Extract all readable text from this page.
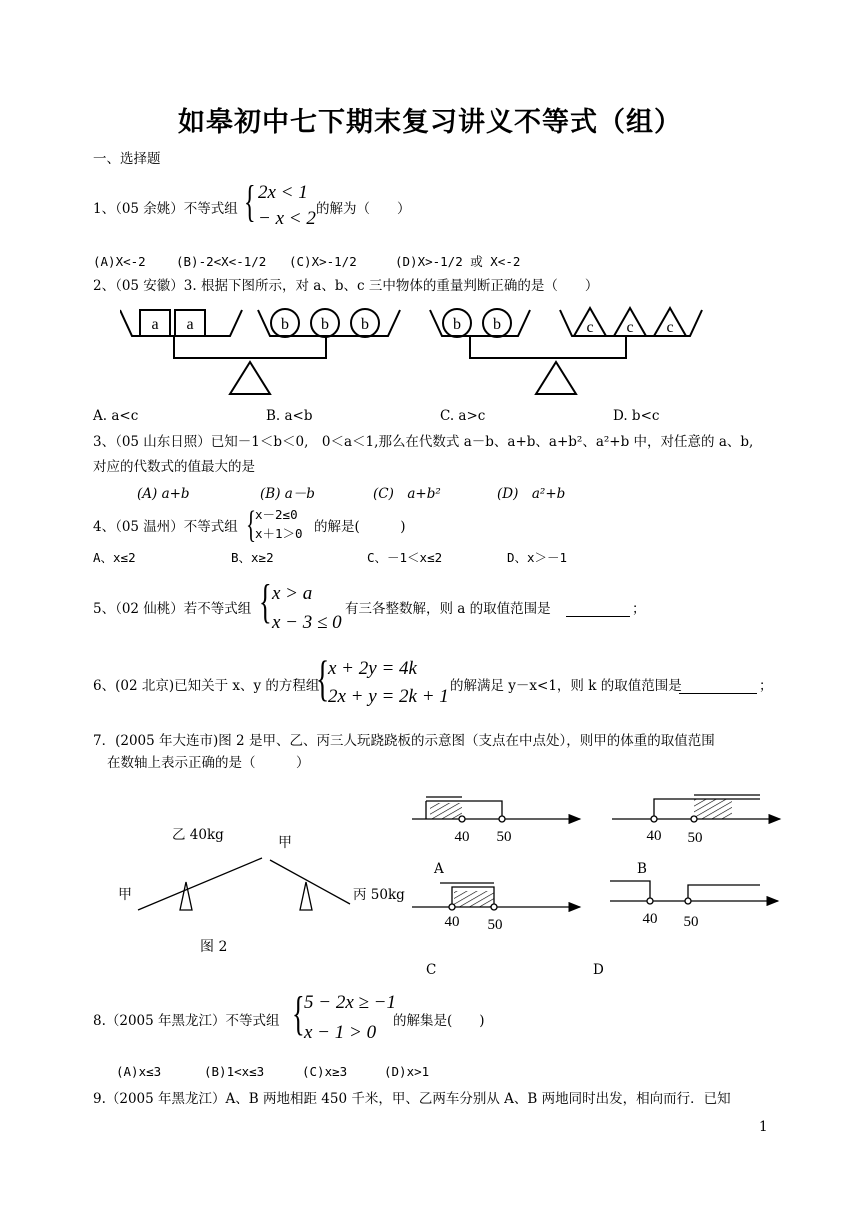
如皋初中七下期末复习讲义不等式（组）
一、选择题
1、（05 余姚）不等式组 { 2x < 1
− x < 2 的解为（　　）
(A)X<-2 (B)-2<X<-1/2 (C)X>-1/2	(D)X>-1/2 或 X<-2
2、（05 安徽）3. 根据下图所示，对 a、b、c 三中物体的重量判断正确的是（　　）
a a	b b b	b b	c c c
A. a<c	B. a<b	C. a>c	D. b<c
3、（05 山东日照）已知－1＜b＜0,　0＜a＜1,那么在代数式 a－b、a+b、a+b²、a²+b 中，对任意的 a、b,
对应的代数式的值最大的是
(A) a+b	(B) a－b	(C)　a+b²	(D)　a²+b
4、（05 温州）不等式组 {
x－2≤0
x＋1＞0 的解是(　　　)
A、x≤2	B、x≥2	C、－1＜x≤2	D、x＞－1
5、（02 仙桃）若不等式组 { x > a
x − 3 ≤ 0
有三各整数解，则 a 的取值范围是	；
6、(02 北京)已知关于 x、y 的方程组
{
x + 2y = 4k
2x + y = 2k + 1 的解满足 y－x<1，则 k 的取值范围是	；
7．(2005 年大连市)图 2 是甲、乙、丙三人玩跷跷板的示意图（支点在中点处），则甲的体重的取值范围
在数轴上表示正确的是（　　　）
乙 40kg	甲
甲	丙 50kg
图 2
40 50	40 50
40 50	40 50
A	B
C	D
8.（2005 年黑龙江）不等式组 { 5 − 2x ≥ −1
x − 1 > 0
的解集是(　　)
(A)x≤3	(B)1<x≤3	(C)x≥3	(D)x>1
9.（2005 年黑龙江）A、B 两地相距 450 千米，甲、乙两车分别从 A、B 两地同时出发，相向而行．已知
1
